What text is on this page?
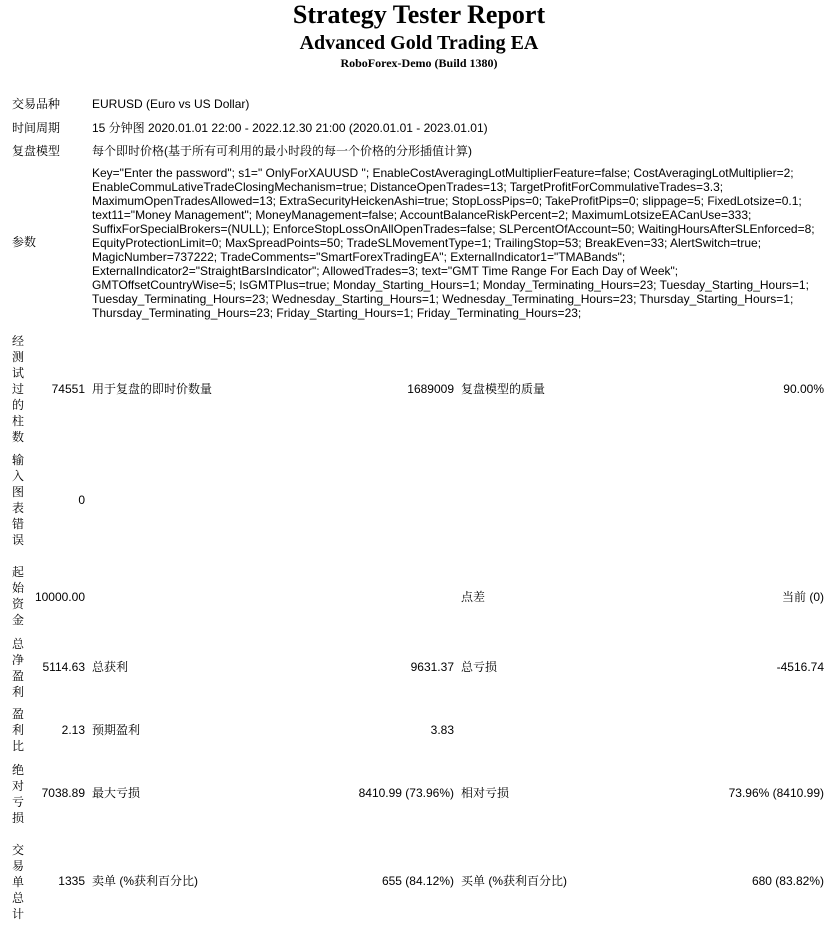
Strategy Tester Report
Advanced Gold Trading EA
RoboForex-Demo (Build 1380)
交易品种	EURUSD (Euro vs US Dollar)
时间周期	15 分钟图 2020.01.01 22:00 - 2022.12.30 21:00 (2020.01.01 - 2023.01.01)
复盘模型	每个即时价格(基于所有可利用的最小时段的每一个价格的分形插值计算)
参数
Key="Enter the password"; s1=" OnlyForXAUUSD "; EnableCostAveragingLotMultiplierFeature=false; CostAveragingLotMultiplier=2;
EnableCommuLativeTradeClosingMechanism=true; DistanceOpenTrades=13; TargetProfitForCommulativeTrades=3.3;
MaximumOpenTradesAllowed=13; ExtraSecurityHeickenAshi=true; StopLossPips=0; TakeProfitPips=0; slippage=5; FixedLotsize=0.1;
text11="Money Management"; MoneyManagement=false; AccountBalanceRiskPercent=2; MaximumLotsizeEACanUse=333;
SuffixForSpecialBrokers=(NULL); EnforceStopLossOnAllOpenTrades=false; SLPercentOfAccount=50; WaitingHoursAfterSLEnforced=8;
EquityProtectionLimit=0; MaxSpreadPoints=50; TradeSLMovementType=1; TrailingStop=53; BreakEven=33; AlertSwitch=true;
MagicNumber=737222; TradeComments="SmartForexTradingEA"; ExternalIndicator1="TMABands";
ExternalIndicator2="StraightBarsIndicator"; AllowedTrades=3; text="GMT Time Range For Each Day of Week";
GMTOffsetCountryWise=5; IsGMTPlus=true; Monday_Starting_Hours=1; Monday_Terminating_Hours=23; Tuesday_Starting_Hours=1;
Tuesday_Terminating_Hours=23; Wednesday_Starting_Hours=1; Wednesday_Terminating_Hours=23; Thursday_Starting_Hours=1;
Thursday_Terminating_Hours=23; Friday_Starting_Hours=1; Friday_Terminating_Hours=23;
经测试过的柱数
74551 用于复盘的即时价数量	1689009 复盘模型的质量	90.00%
输入图表错误
0
起始资金
10000.00	点差	当前 (0)
总净盈利
5114.63 总获利	9631.37 总亏损	-4516.74
盈利比
2.13 预期盈利	3.83
绝对亏损
7038.89 最大亏损	8410.99 (73.96%) 相对亏损	73.96% (8410.99)
交易单总计
1335 卖单 (%获利百分比)	655 (84.12%) 买单 (%获利百分比)	680 (83.82%)
